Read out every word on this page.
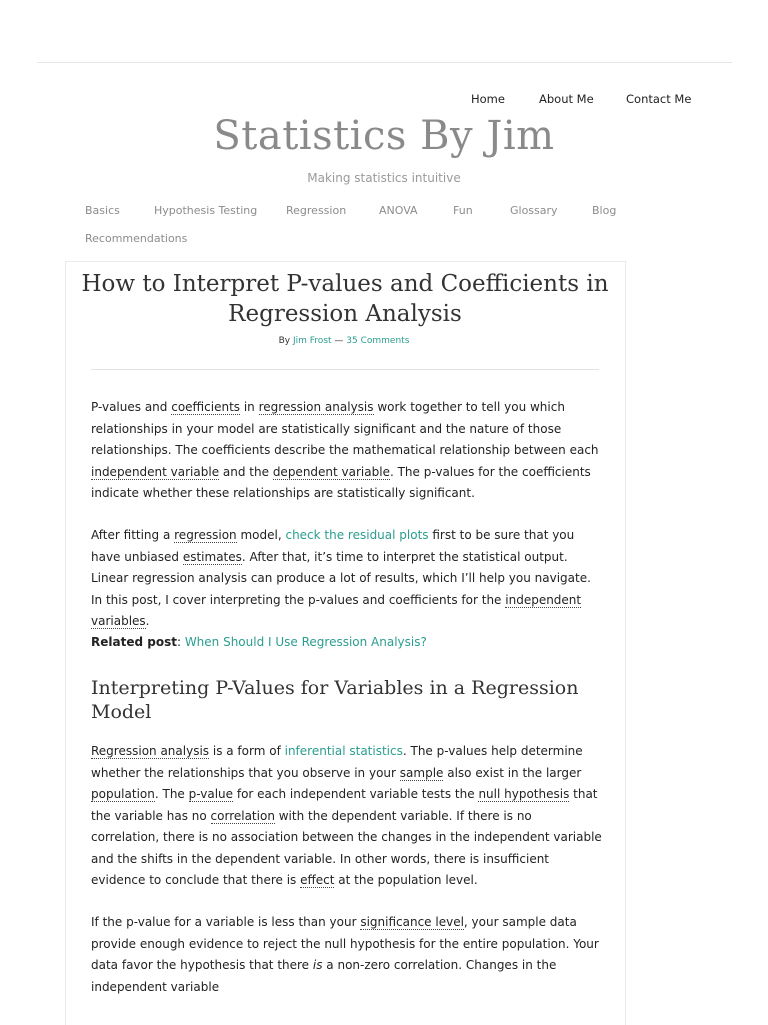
Home	About Me	Contact Me
Statistics By Jim
Making statistics intuitive
Basics	Hypothesis Testing	Regression	ANOVA	Fun	Glossary	Blog
Recommendations
How to Interpret P-values and Coefficients in Regression Analysis
By Jim Frost — 35 Comments

P-values and coefficients in regression analysis work together to tell you which relationships in your model are statistically significant and the nature of those relationships. The coefficients describe the mathematical relationship between each independent variable and the dependent variable. The p-values for the coefficients indicate whether these relationships are statistically significant.

After fitting a regression model, check the residual plots first to be sure that you have unbiased estimates. After that, it’s time to interpret the statistical output. Linear regression analysis can produce a lot of results, which I’ll help you navigate. In this post, I cover interpreting the p-values and coefficients for the independent variables.

Related post: When Should I Use Regression Analysis?

Interpreting P-Values for Variables in a Regression Model

Regression analysis is a form of inferential statistics. The p-values help determine whether the relationships that you observe in your sample also exist in the larger population. The p-value for each independent variable tests the null hypothesis that the variable has no correlation with the dependent variable. If there is no correlation, there is no association between the changes in the independent variable and the shifts in the dependent variable. In other words, there is insufficient evidence to conclude that there is effect at the population level.

If the p-value for a variable is less than your significance level, your sample data provide enough evidence to reject the null hypothesis for the entire population. Your data favor the hypothesis that there is a non-zero correlation. Changes in the independent variable
